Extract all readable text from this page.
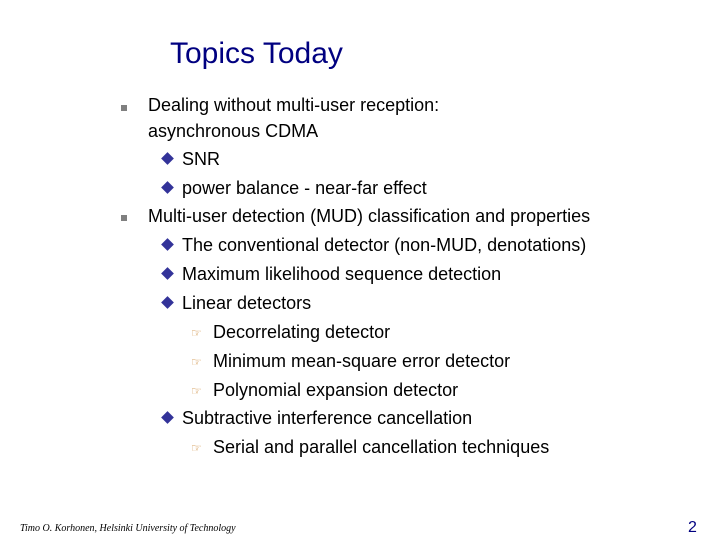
Topics Today
Dealing without multi-user reception:
asynchronous CDMA
SNR
power balance - near-far effect
Multi-user detection (MUD) classification and properties
The conventional detector (non-MUD, denotations)
Maximum likelihood sequence detection
Linear detectors
☞ Decorrelating detector
☞ Minimum mean-square error detector
☞ Polynomial expansion detector
Subtractive interference cancellation
☞ Serial and parallel cancellation techniques
Timo O. Korhonen, Helsinki University of Technology	2
